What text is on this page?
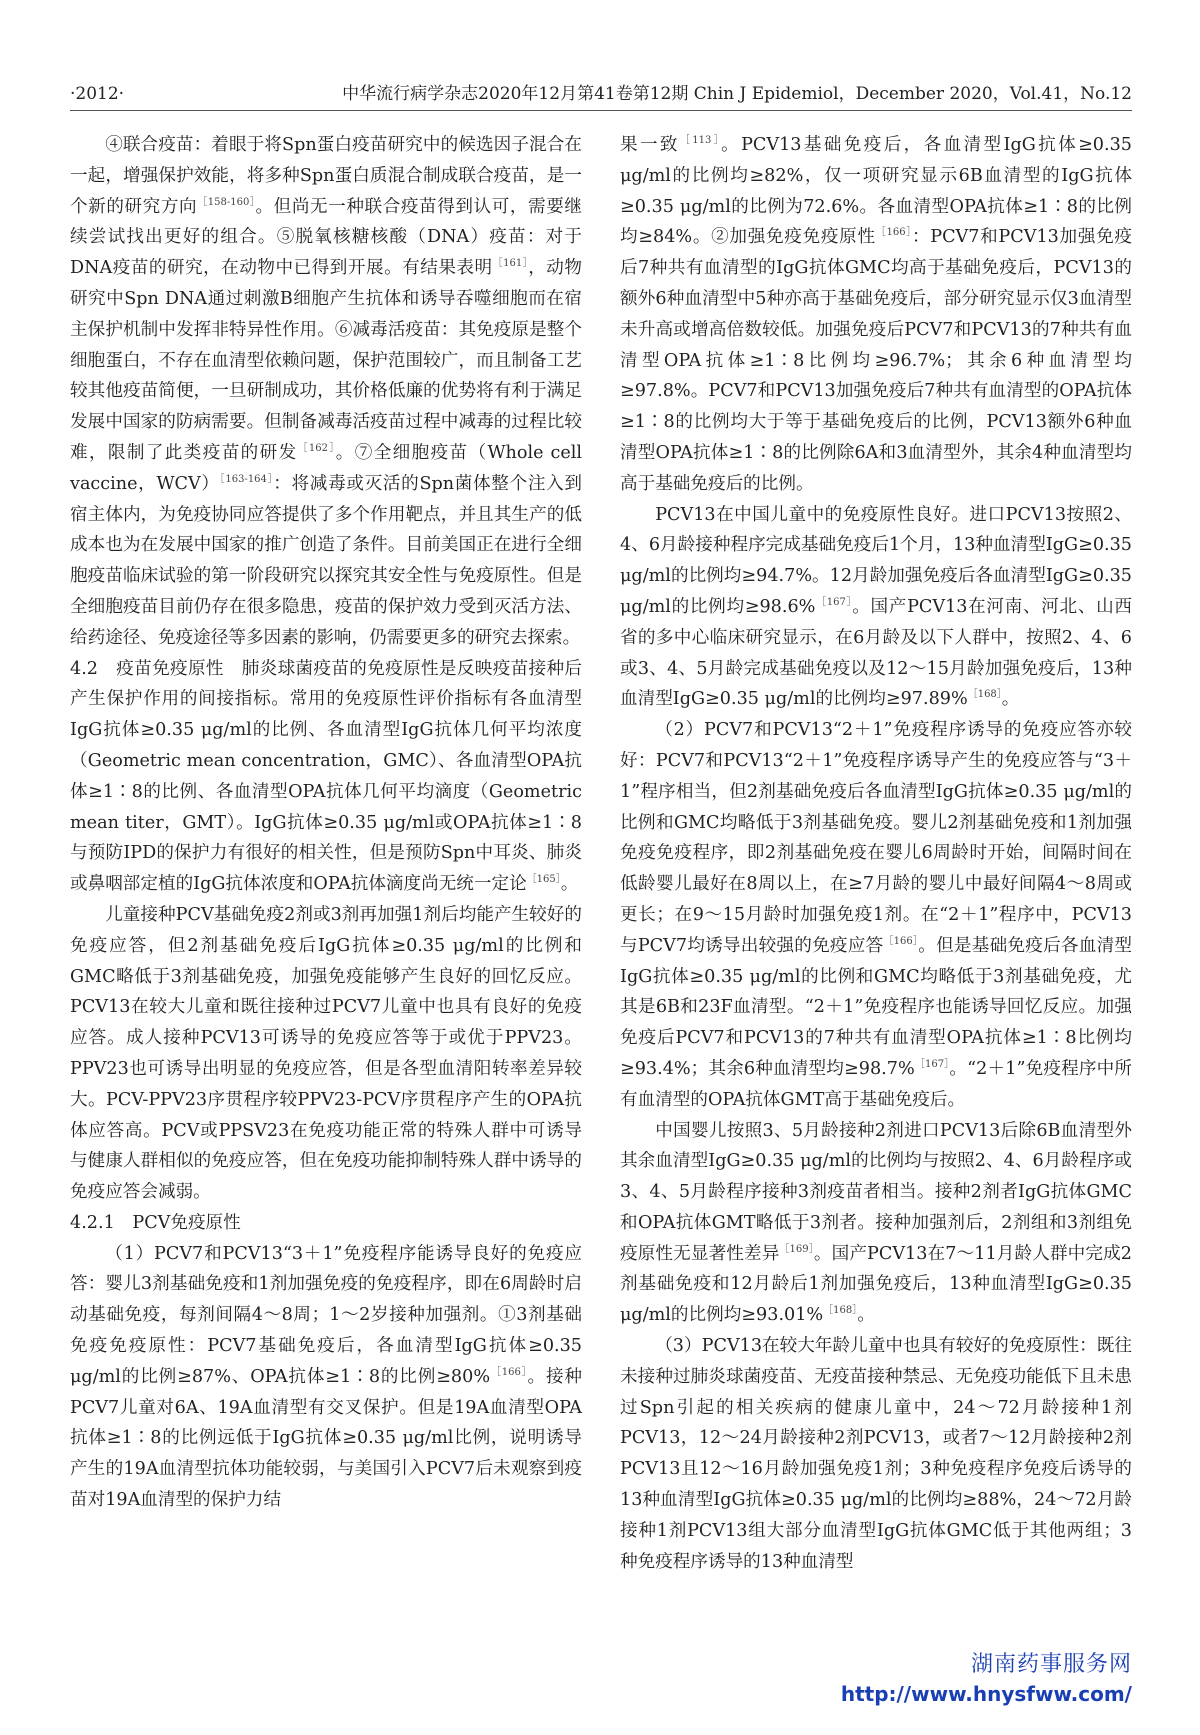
·2012·	中华流行病学杂志2020年12月第41卷第12期 Chin J Epidemiol，December 2020，Vol.41，No.12

④联合疫苗：着眼于将Spn蛋白疫苗研究中的候选因子混合在一起，增强保护效能，将多种Spn蛋白质混合制成联合疫苗，是一个新的研究方向$^{[158-160]}$。但尚无一种联合疫苗得到认可，需要继续尝试找出更好的组合。⑤脱氧核糖核酸（DNA）疫苗：对于DNA疫苗的研究，在动物中已得到开展。有结果表明$^{[161]}$，动物研究中Spn DNA通过刺激B细胞产生抗体和诱导吞噬细胞而在宿主保护机制中发挥非特异性作用。⑥减毒活疫苗：其免疫原是整个细胞蛋白，不存在血清型依赖问题，保护范围较广，而且制备工艺较其他疫苗简便，一旦研制成功，其价格低廉的优势将有利于满足发展中国家的防病需要。但制备减毒活疫苗过程中减毒的过程比较难，限制了此类疫苗的研发$^{[162]}$。⑦全细胞疫苗（Whole cell vaccine，WCV）$^{[163-164]}$：将减毒或灭活的Spn菌体整个注入到宿主体内，为免疫协同应答提供了多个作用靶点，并且其生产的低成本也为在发展中国家的推广创造了条件。目前美国正在进行全细胞疫苗临床试验的第一阶段研究以探究其安全性与免疫原性。但是全细胞疫苗目前仍存在很多隐患，疫苗的保护效力受到灭活方法、给药途径、免疫途径等多因素的影响，仍需要更多的研究去探索。

4.2　疫苗免疫原性　肺炎球菌疫苗的免疫原性是反映疫苗接种后产生保护作用的间接指标。常用的免疫原性评价指标有各血清型IgG抗体≥0.35 μg/ml的比例、各血清型IgG抗体几何平均浓度（Geometric mean concentration，GMC）、各血清型OPA抗体≥1∶8的比例、各血清型OPA抗体几何平均滴度（Geometric mean titer，GMT）。IgG抗体≥0.35 μg/ml或OPA抗体≥1∶8与预防IPD的保护力有很好的相关性，但是预防Spn中耳炎、肺炎或鼻咽部定植的IgG抗体浓度和OPA抗体滴度尚无统一定论$^{[165]}$。

儿童接种PCV基础免疫2剂或3剂再加强1剂后均能产生较好的免疫应答，但2剂基础免疫后IgG抗体≥0.35 μg/ml的比例和GMC略低于3剂基础免疫，加强免疫能够产生良好的回忆反应。PCV13在较大儿童和既往接种过PCV7儿童中也具有良好的免疫应答。成人接种PCV13可诱导的免疫应答等于或优于PPV23。PPV23也可诱导出明显的免疫应答，但是各型血清阳转率差异较大。PCV-PPV23序贯程序较PPV23-PCV序贯程序产生的OPA抗体应答高。PCV或PPSV23在免疫功能正常的特殊人群中可诱导与健康人群相似的免疫应答，但在免疫功能抑制特殊人群中诱导的免疫应答会减弱。

4.2.1　PCV免疫原性

（1）PCV7和PCV13“3＋1”免疫程序能诱导良好的免疫应答：婴儿3剂基础免疫和1剂加强免疫的免疫程序，即在6周龄时启动基础免疫，每剂间隔4～8周；1～2岁接种加强剂。①3剂基础免疫免疫原性：PCV7基础免疫后，各血清型IgG抗体≥0.35 μg/ml的比例≥87%、OPA抗体≥1∶8的比例≥80%$^{[166]}$。接种PCV7儿童对6A、19A血清型有交叉保护。但是19A血清型OPA抗体≥1∶8的比例远低于IgG抗体≥0.35 μg/ml比例，说明诱导产生的19A血清型抗体功能较弱，与美国引入PCV7后未观察到疫苗对19A血清型的保护力结

果一致$^{[113]}$。PCV13基础免疫后，各血清型IgG抗体≥0.35 μg/ml的比例均≥82%，仅一项研究显示6B血清型的IgG抗体≥0.35 μg/ml的比例为72.6%。各血清型OPA抗体≥1∶8的比例均≥84%。②加强免疫免疫原性$^{[166]}$：PCV7和PCV13加强免疫后7种共有血清型的IgG抗体GMC均高于基础免疫后，PCV13的额外6种血清型中5种亦高于基础免疫后，部分研究显示仅3血清型未升高或增高倍数较低。加强免疫后PCV7和PCV13的7种共有血清型OPA抗体≥1∶8比例均≥96.7%；其余6种血清型均≥97.8%。PCV7和PCV13加强免疫后7种共有血清型的OPA抗体≥1∶8的比例均大于等于基础免疫后的比例，PCV13额外6种血清型OPA抗体≥1∶8的比例除6A和3血清型外，其余4种血清型均高于基础免疫后的比例。

PCV13在中国儿童中的免疫原性良好。进口PCV13按照2、4、6月龄接种程序完成基础免疫后1个月，13种血清型IgG≥0.35 μg/ml的比例均≥94.7%。12月龄加强免疫后各血清型IgG≥0.35 μg/ml的比例均≥98.6%$^{[167]}$。国产PCV13在河南、河北、山西省的多中心临床研究显示，在6月龄及以下人群中，按照2、4、6或3、4、5月龄完成基础免疫以及12～15月龄加强免疫后，13种血清型IgG≥0.35 μg/ml的比例均≥97.89%$^{[168]}$。

（2）PCV7和PCV13“2＋1”免疫程序诱导的免疫应答亦较好：PCV7和PCV13“2＋1”免疫程序诱导产生的免疫应答与“3＋1”程序相当，但2剂基础免疫后各血清型IgG抗体≥0.35 μg/ml的比例和GMC均略低于3剂基础免疫。婴儿2剂基础免疫和1剂加强免疫免疫程序，即2剂基础免疫在婴儿6周龄时开始，间隔时间在低龄婴儿最好在8周以上，在≥7月龄的婴儿中最好间隔4～8周或更长；在9～15月龄时加强免疫1剂。在“2＋1”程序中，PCV13与PCV7均诱导出较强的免疫应答$^{[166]}$。但是基础免疫后各血清型IgG抗体≥0.35 μg/ml的比例和GMC均略低于3剂基础免疫，尤其是6B和23F血清型。“2＋1”免疫程序也能诱导回忆反应。加强免疫后PCV7和PCV13的7种共有血清型OPA抗体≥1∶8比例均≥93.4%；其余6种血清型均≥98.7%$^{[167]}$。“2＋1”免疫程序中所有血清型的OPA抗体GMT高于基础免疫后。

中国婴儿按照3、5月龄接种2剂进口PCV13后除6B血清型外其余血清型IgG≥0.35 μg/ml的比例均与按照2、4、6月龄程序或3、4、5月龄程序接种3剂疫苗者相当。接种2剂者IgG抗体GMC和OPA抗体GMT略低于3剂者。接种加强剂后，2剂组和3剂组免疫原性无显著性差异$^{[169]}$。国产PCV13在7～11月龄人群中完成2剂基础免疫和12月龄后1剂加强免疫后，13种血清型IgG≥0.35 μg/ml的比例均≥93.01%$^{[168]}$。

（3）PCV13在较大年龄儿童中也具有较好的免疫原性：既往未接种过肺炎球菌疫苗、无疫苗接种禁忌、无免疫功能低下且未患过Spn引起的相关疾病的健康儿童中，24～72月龄接种1剂PCV13，12～24月龄接种2剂PCV13，或者7～12月龄接种2剂PCV13且12～16月龄加强免疫1剂；3种免疫程序免疫后诱导的13种血清型IgG抗体≥0.35 μg/ml的比例均≥88%，24～72月龄接种1剂PCV13组大部分血清型IgG抗体GMC低于其他两组；3种免疫程序诱导的13种血清型

湖南药事服务网
http://www.hnysfww.com/
